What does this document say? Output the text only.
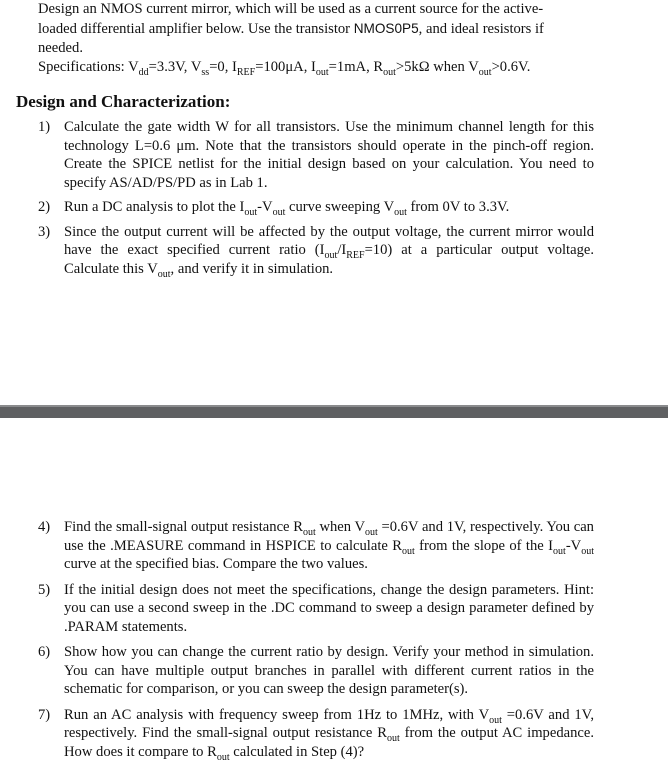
Design an NMOS current mirror, which will be used as a current source for the active-

loaded differential amplifier below. Use the transistor NMOS0P5, and ideal resistors if

needed.

Specifications: $V_{dd}=3.3V$, $V_{ss}=0$, $I_{REF}=100\mu A$, $I_{out}=1mA$, $R_{out}>5k\Omega$ when $V_{out}>0.6V$.

Design and Characterization:
1) Calculate the gate width W for all transistors. Use the minimum channel length for this technology L=0.6 μm. Note that the transistors should operate in the pinch-off region. Create the SPICE netlist for the initial design based on your calculation. You need to specify AS/AD/PS/PD as in Lab 1.
2) Run a DC analysis to plot the $I_{out}-V_{out}$ curve sweeping $V_{out}$ from 0V to 3.3V.
3) Since the output current will be affected by the output voltage, the current mirror would have the exact specified current ratio $(I_{out}/I_{REF}=10)$ at a particular output voltage. Calculate this $V_{out}$, and verify it in simulation.
4) Find the small-signal output resistance $R_{out}$ when $V_{out} =0.6V$ and 1V, respectively. You can use the .MEASURE command in HSPICE to calculate $R_{out}$ from the slope of the $I_{out}-V_{out}$ curve at the specified bias. Compare the two values.
5) If the initial design does not meet the specifications, change the design parameters. Hint: you can use a second sweep in the .DC command to sweep a design parameter defined by .PARAM statements.
6) Show how you can change the current ratio by design. Verify your method in simulation. You can have multiple output branches in parallel with different current ratios in the schematic for comparison, or you can sweep the design parameter(s).
7) Run an AC analysis with frequency sweep from 1Hz to 1MHz, with $V_{out} =0.6V$ and 1V, respectively. Find the small-signal output resistance $R_{out}$ from the output AC impedance. How does it compare to $R_{out}$ calculated in Step (4)?
